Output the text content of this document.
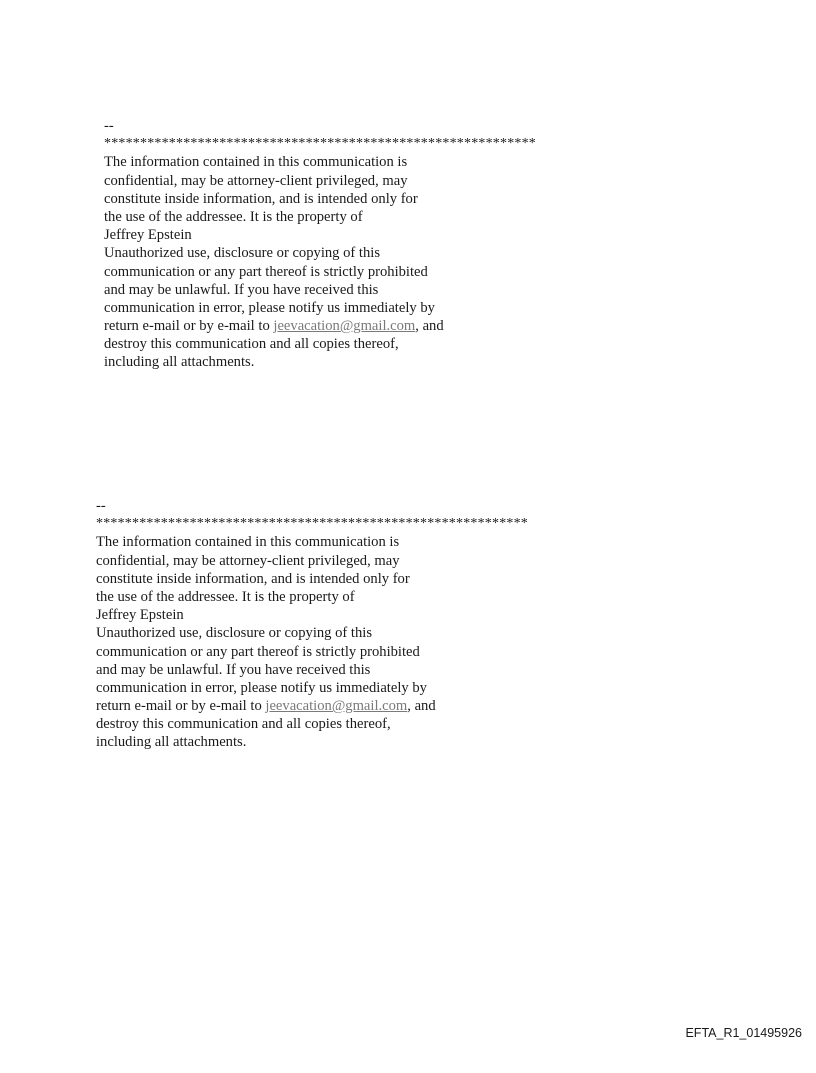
--
************************************************************
The information contained in this communication is
confidential, may be attorney-client privileged, may
constitute inside information, and is intended only for
the use of the addressee. It is the property of
Jeffrey Epstein
Unauthorized use, disclosure or copying of this
communication or any part thereof is strictly prohibited
and may be unlawful. If you have received this
communication in error, please notify us immediately by
return e-mail or by e-mail to jeevacation@gmail.com, and
destroy this communication and all copies thereof,
including all attachments.
--
************************************************************
The information contained in this communication is
confidential, may be attorney-client privileged, may
constitute inside information, and is intended only for
the use of the addressee. It is the property of
Jeffrey Epstein
Unauthorized use, disclosure or copying of this
communication or any part thereof is strictly prohibited
and may be unlawful. If you have received this
communication in error, please notify us immediately by
return e-mail or by e-mail to jeevacation@gmail.com, and
destroy this communication and all copies thereof,
including all attachments.
EFTA_R1_01495926
